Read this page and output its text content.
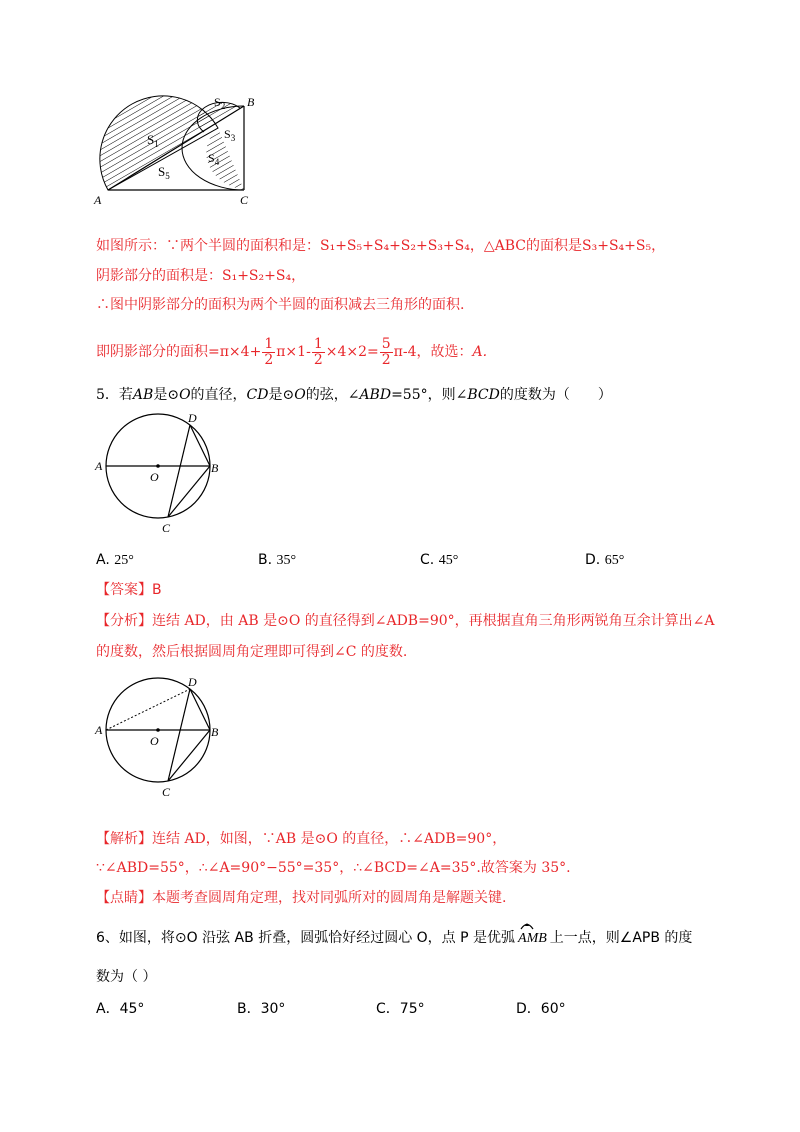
$S_1$
$S_2$
$S_3$
$S_4$
$S_5$
A
B
C
如图所示：∵两个半圆的面积和是：S₁+S₅+S₄+S₂+S₃+S₄，△ABC的面积是S₃+S₄+S₅，
阴影部分的面积是：S₁+S₂+S₄，
∴图中阴影部分的面积为两个半圆的面积减去三角形的面积.
即阴影部分的面积$=\pi\times 4+ \frac{1}{2} \pi\times 1- \frac{1}{2} \times 4\times 2= \frac{5}{2} \pi-4$，故选：A.
5．若AB是⊙O的直径，CD是⊙O的弦，∠ABD=55°，则∠BCD的度数为（　　）
A	B
C
D
O
A. 25°	B. 35°	C. 45°	D. 65°
【答案】B
【分析】连结 AD，由 AB 是⊙O 的直径得到∠ADB=90°，再根据直角三角形两锐角互余计算出∠A
的度数，然后根据圆周角定理即可得到∠C 的度数.
A	B
C
D
O
【解析】连结 AD，如图，∵AB 是⊙O 的直径，∴∠ADB=90°，
∵∠ABD=55°，∴∠A=90°−55°=35°，∴∠BCD=∠A=35°.故答案为 35°.
【点睛】本题考查圆周角定理，找对同弧所对的圆周角是解题关键.
6、如图，将⊙O 沿弦 AB 折叠，圆弧恰好经过圆心 O，点 P 是优弧 AMB 上一点，则∠APB 的度
数为（ ）
A．45°	B．30°	C．75°	D．60°
